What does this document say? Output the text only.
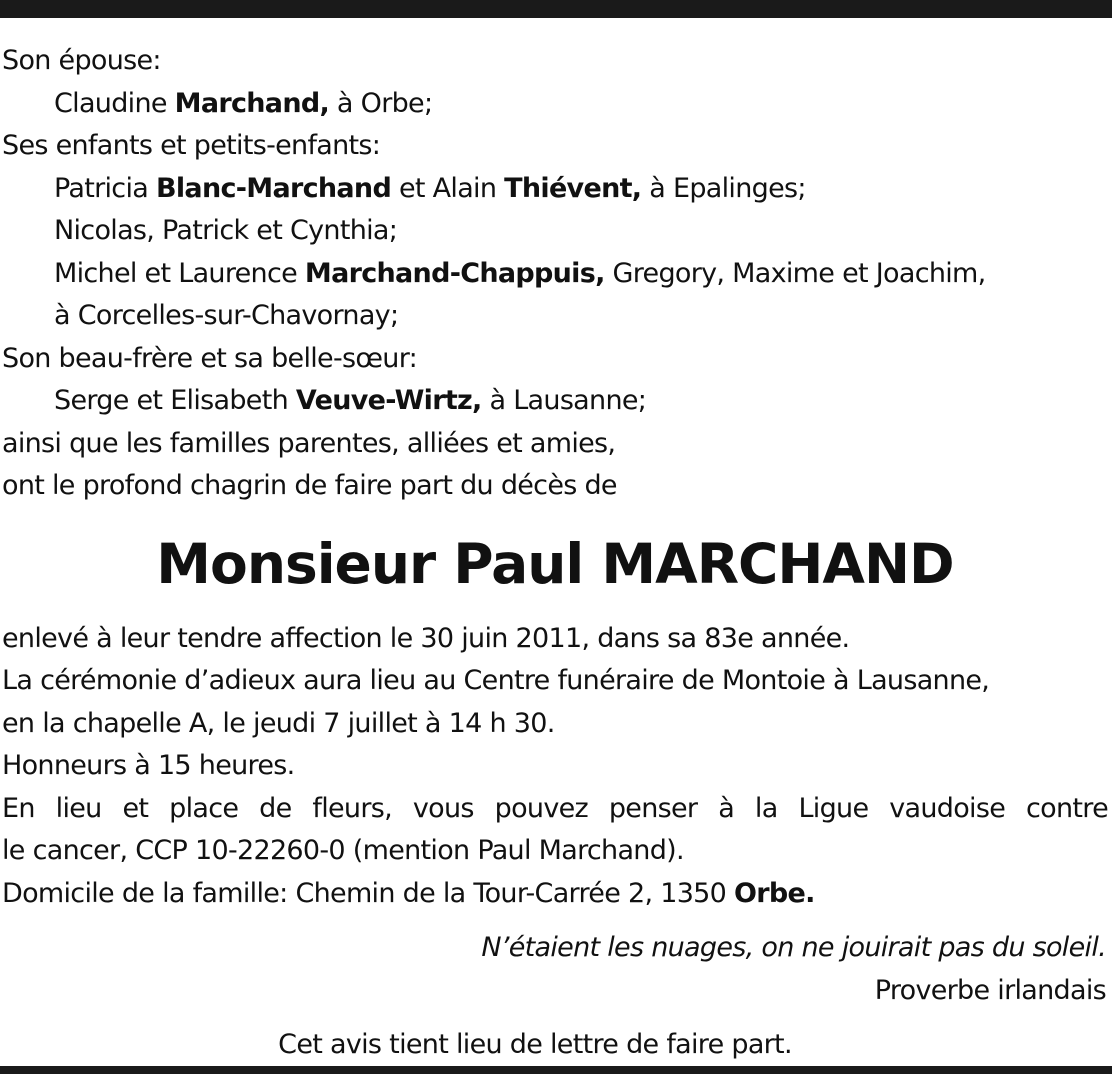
Son épouse:
Claudine Marchand, à Orbe;
Ses enfants et petits-enfants:
Patricia Blanc-Marchand et Alain Thiévent, à Epalinges;
Nicolas, Patrick et Cynthia;
Michel et Laurence Marchand-Chappuis, Gregory, Maxime et Joachim,
à Corcelles-sur-Chavornay;
Son beau-frère et sa belle-sœur:
Serge et Elisabeth Veuve-Wirtz, à Lausanne;
ainsi que les familles parentes, alliées et amies,
ont le profond chagrin de faire part du décès de
Monsieur Paul MARCHAND
enlevé à leur tendre affection le 30 juin 2011, dans sa 83e année.
La cérémonie d’adieux aura lieu au Centre funéraire de Montoie à Lausanne,
en la chapelle A, le jeudi 7 juillet à 14 h 30.
Honneurs à 15 heures.
En lieu et place de fleurs, vous pouvez penser à la Ligue vaudoise contre
le cancer, CCP 10-22260-0 (mention Paul Marchand).
Domicile de la famille: Chemin de la Tour-Carrée 2, 1350 Orbe.
N’étaient les nuages, on ne jouirait pas du soleil.
Proverbe irlandais
Cet avis tient lieu de lettre de faire part.
